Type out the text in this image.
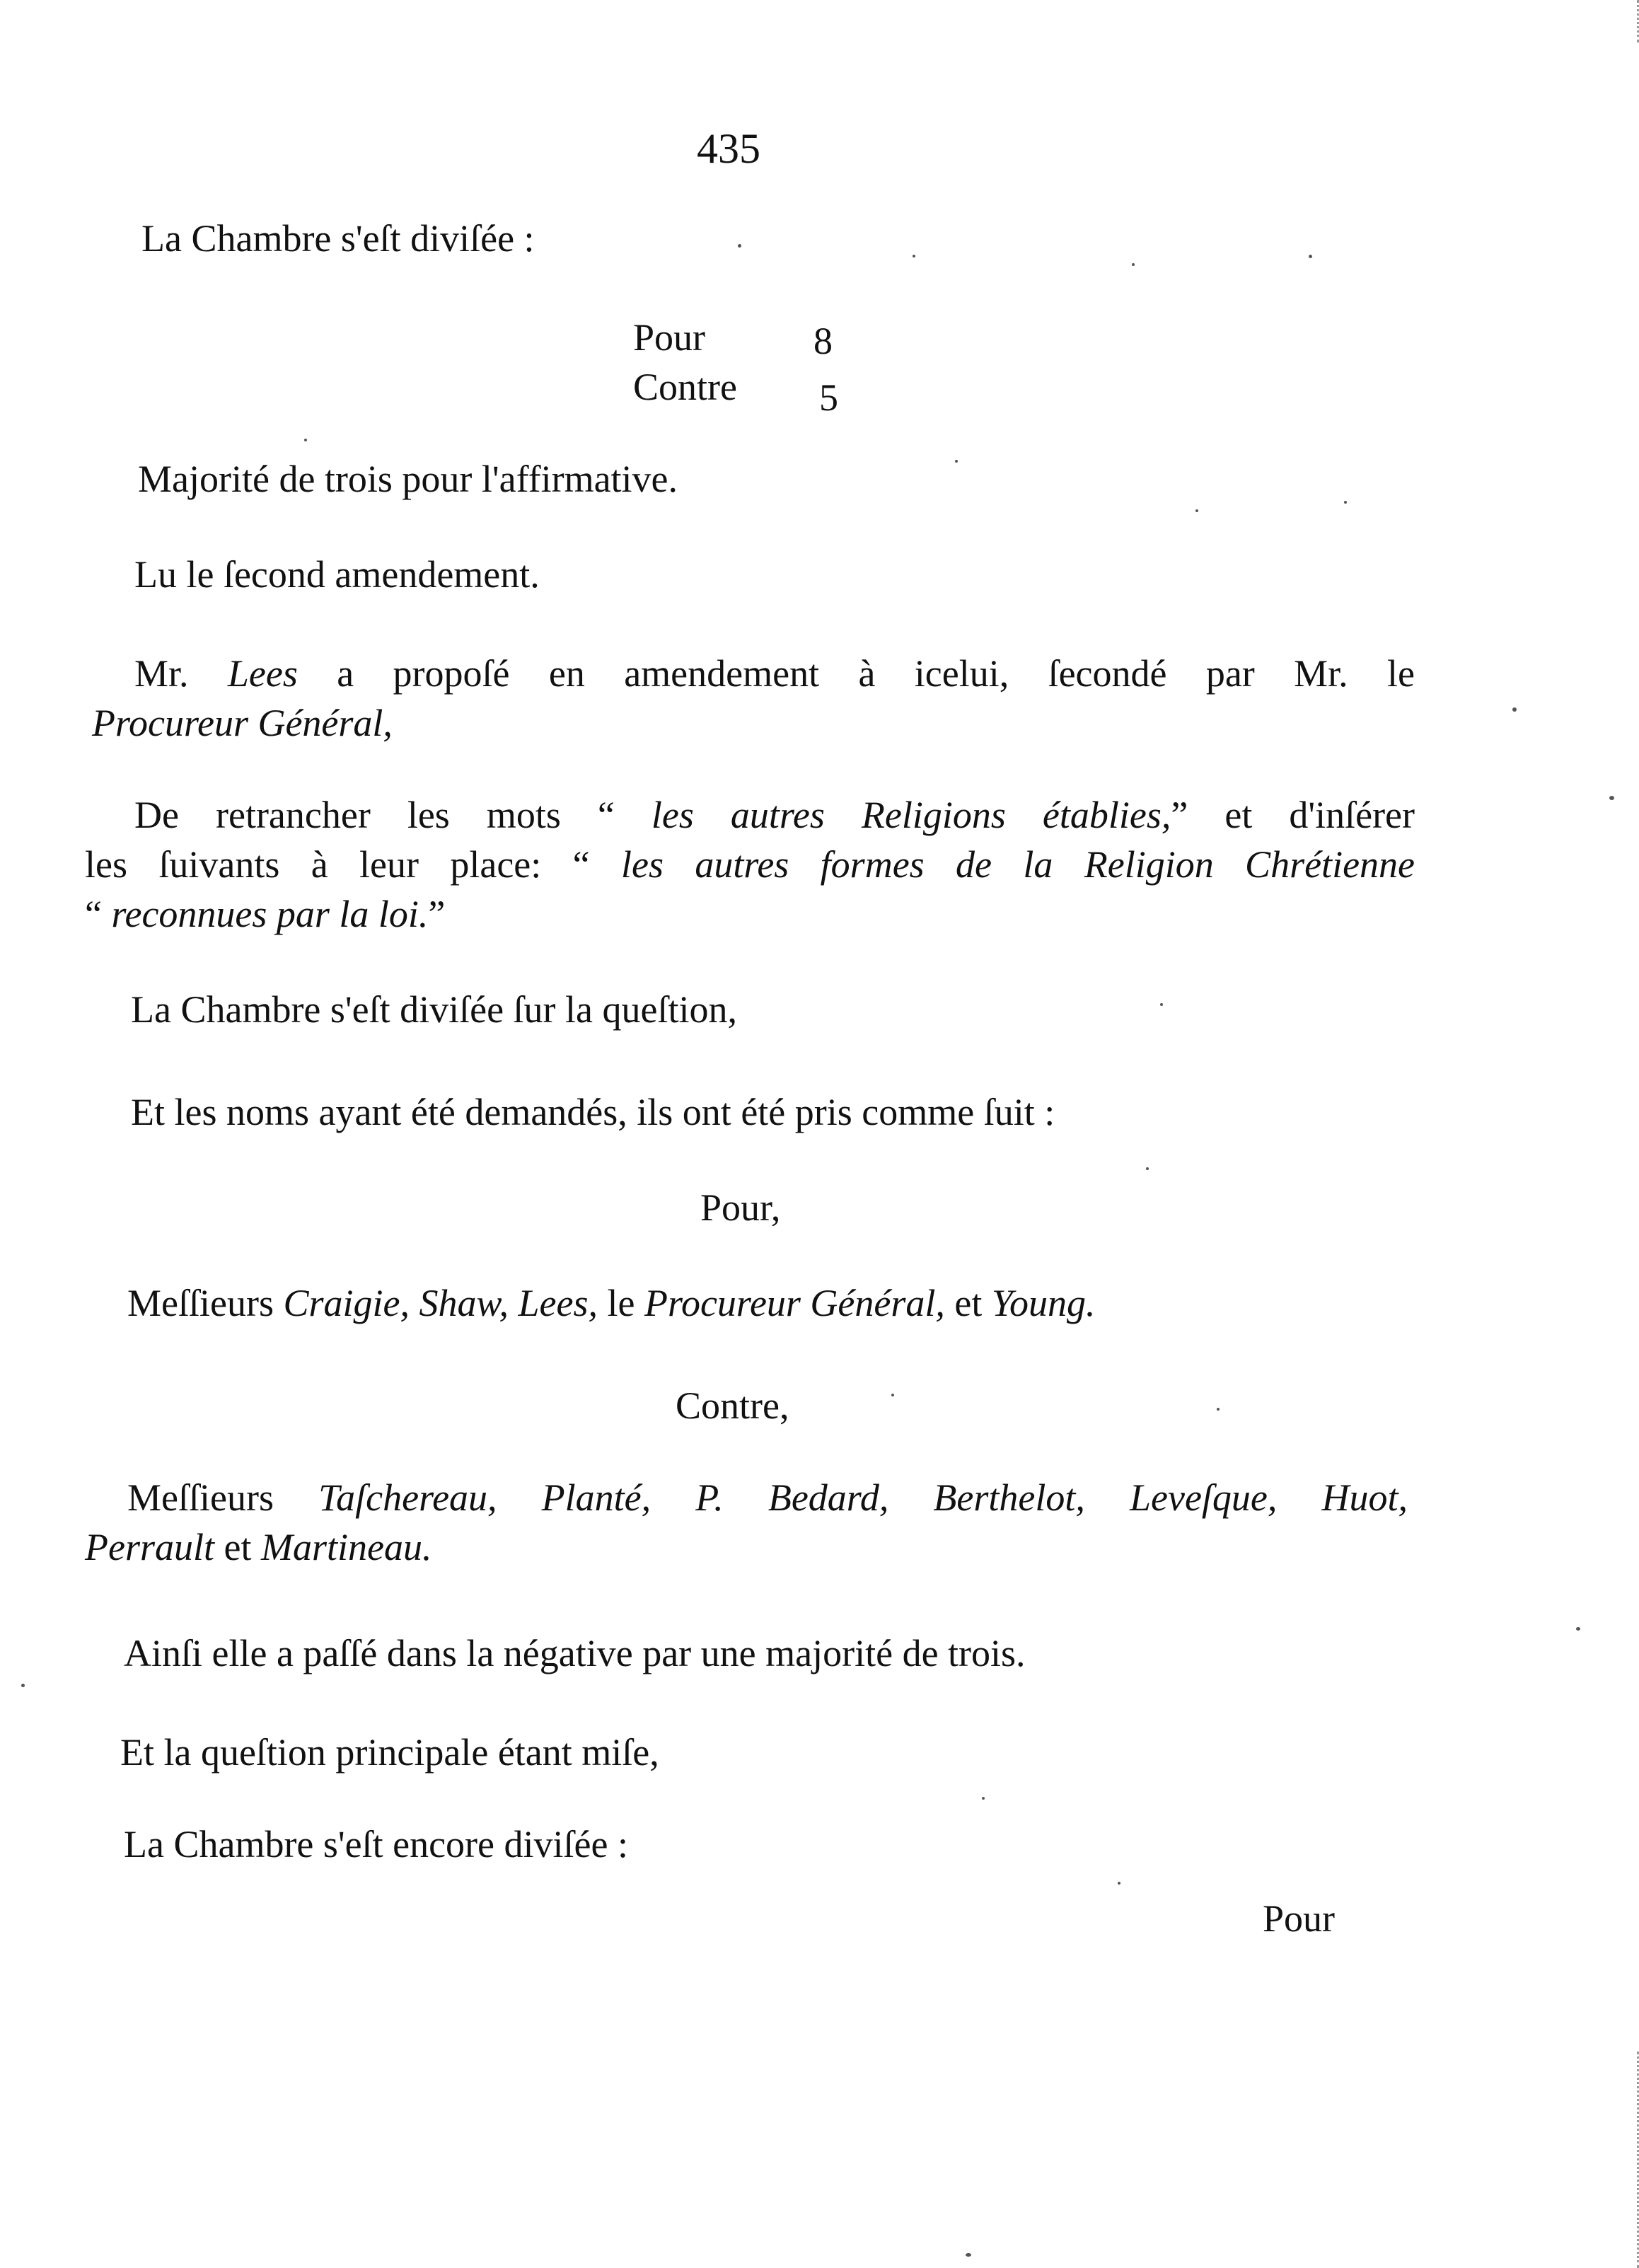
435
La Chambre s'eſt diviſée :
Pour	8
Contre 5
Majorité de trois pour l'affirmative.
Lu le ſecond amendement.
Mr. Lees a propoſé en amendement à icelui, ſecondé par Mr. le
Procureur Général,
De retrancher les mots “ les autres Religions établies,” et d'inſérer
les ſuivants à leur place: “ les autres formes de la Religion Chrétienne
“ reconnues par la loi.”
La Chambre s'eſt diviſée ſur la queſtion,
Et les noms ayant été demandés, ils ont été pris comme ſuit :
Pour,
Meſſieurs Craigie, Shaw, Lees, le Procureur Général, et Young.
Contre,
Meſſieurs Taſchereau, Planté, P. Bedard, Berthelot, Leveſque, Huot,
Perrault et Martineau.
Ainſi elle a paſſé dans la négative par une majorité de trois.
Et la queſtion principale étant miſe,
La Chambre s'eſt encore diviſée :
Pour
